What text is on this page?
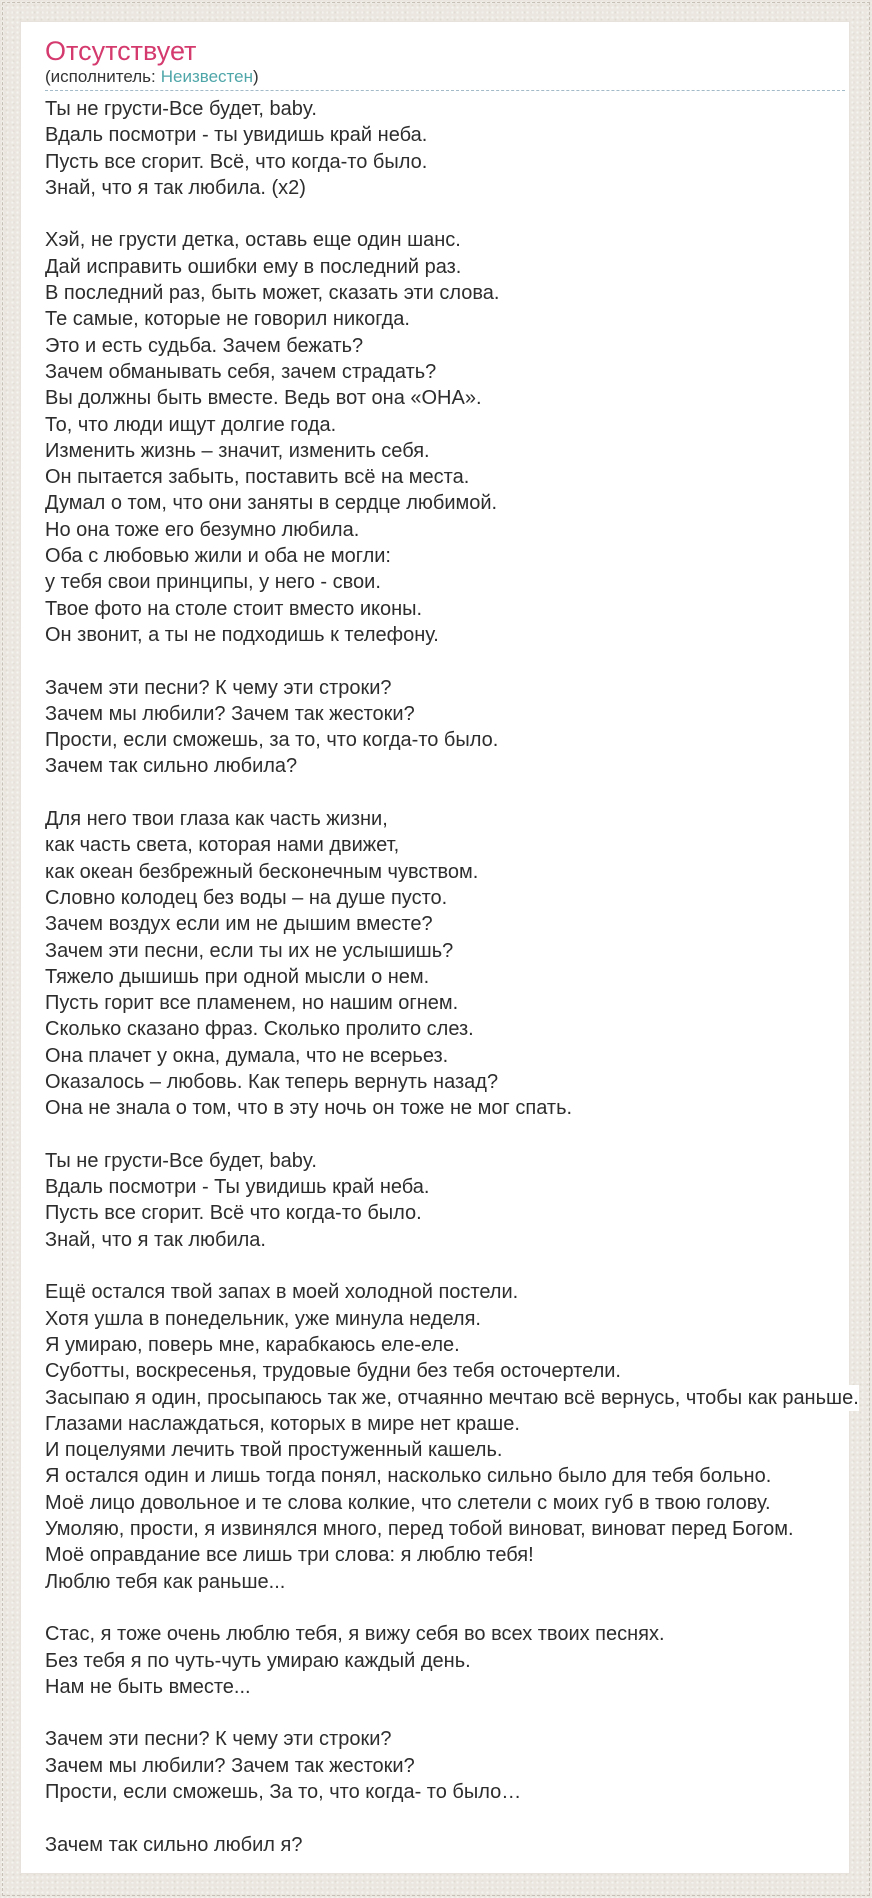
Отсутствует
(исполнитель: Неизвестен)
Ты не грусти-Все будет, baby.
Вдаль посмотри - ты увидишь край неба.
Пусть все сгорит. Всё, что когда-то было.
Знай, что я так любила. (x2)

Хэй, не грусти детка, оставь еще один шанс.
Дай исправить ошибки ему в последний раз.
В последний раз, быть может, сказать эти слова.
Те самые, которые не говорил никогда.
Это и есть судьба. Зачем бежать?
Зачем обманывать себя, зачем страдать?
Вы должны быть вместе. Ведь вот она «ОНА».
То, что люди ищут долгие года.
Изменить жизнь – значит, изменить себя.
Он пытается забыть, поставить всё на места.
Думал о том, что они заняты в сердце любимой.
Но она тоже его безумно любила.
Оба с любовью жили и оба не могли:
у тебя свои принципы, у него - свои.
Твое фото на столе стоит вместо иконы.
Он звонит, а ты не подходишь к телефону.

Зачем эти песни? К чему эти строки?
Зачем мы любили? Зачем так жестоки?
Прости, если сможешь, за то, что когда-то было.
Зачем так сильно любила?

Для него твои глаза как часть жизни,
как часть света, которая нами движет,
как океан безбрежный бесконечным чувством.
Словно колодец без воды – на душе пусто.
Зачем воздух если им не дышим вместе?
Зачем эти песни, если ты их не услышишь?
Тяжело дышишь при одной мысли о нем.
Пусть горит все пламенем, но нашим огнем.
Сколько сказано фраз. Сколько пролито слез.
Она плачет у окна, думала, что не всерьез.
Оказалось – любовь. Как теперь вернуть назад?
Она не знала о том, что в эту ночь он тоже не мог спать.

Ты не грусти-Все будет, baby.
Вдаль посмотри - Ты увидишь край неба.
Пусть все сгорит. Всё что когда-то было.
Знай, что я так любила.

Ещё остался твой запах в моей холодной постели.
Хотя ушла в понедельник, уже минула неделя.
Я умираю, поверь мне, карабкаюсь еле-еле.
Суботты, воскресенья, трудовые будни без тебя осточертели.
Засыпаю я один, просыпаюсь так же, отчаянно мечтаю всё вернусь, чтобы как раньше.
Глазами наслаждаться, которых в мире нет краше.
И поцелуями лечить твой простуженный кашель.
Я остался один и лишь тогда понял, насколько сильно было для тебя больно.
Моё лицо довольное и те слова колкие, что слетели с моих губ в твою голову.
Умоляю, прости, я извинялся много, перед тобой виноват, виноват перед Богом.
Моё оправдание все лишь три слова: я люблю тебя!
Люблю тебя как раньше...

Стас, я тоже очень люблю тебя, я вижу себя во всех твоих песнях.
Без тебя я по чуть-чуть умираю каждый день.
Нам не быть вместе...

Зачем эти песни? К чему эти строки?
Зачем мы любили? Зачем так жестоки?
Прости, если сможешь, За то, что когда- то было…

Зачем так сильно любил я?
